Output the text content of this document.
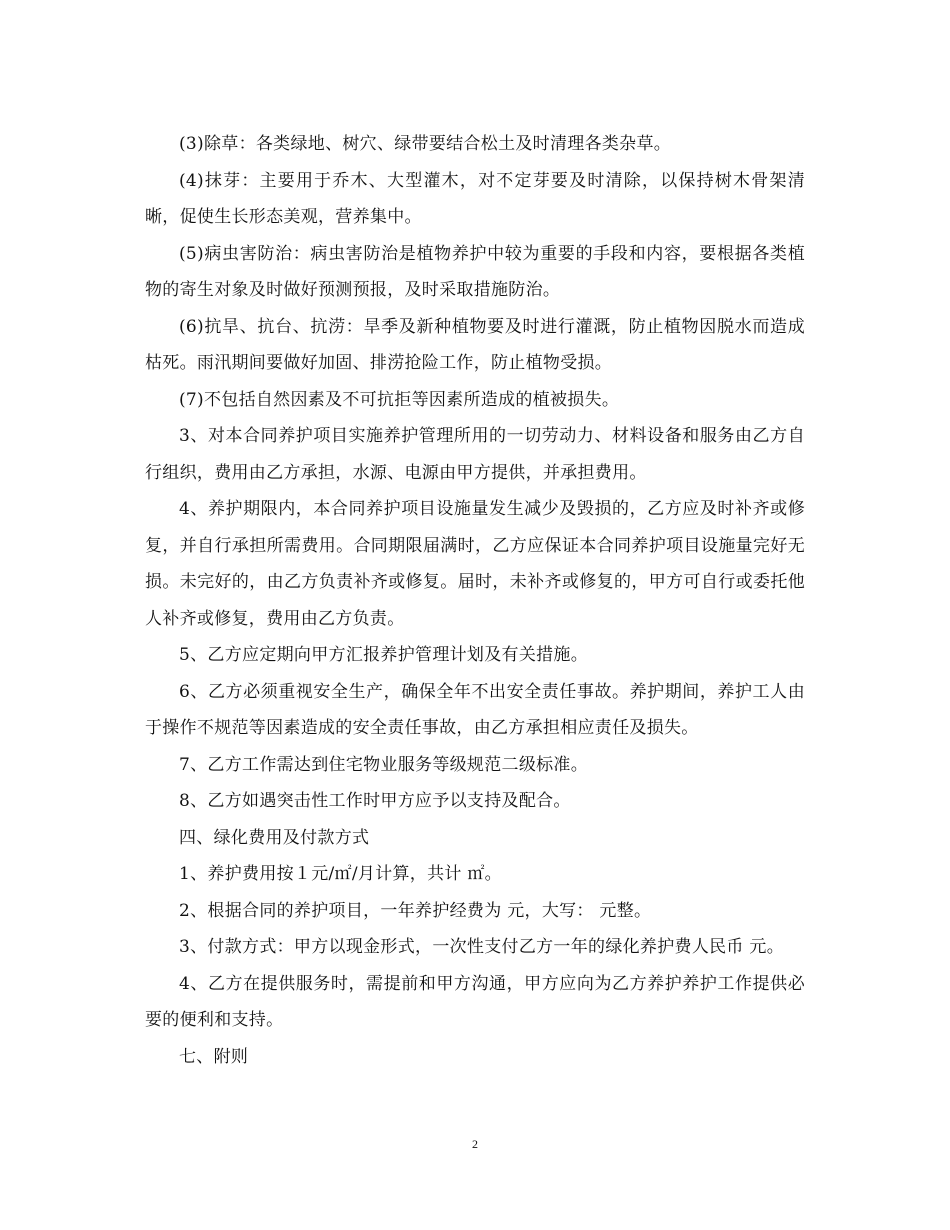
(3)除草：各类绿地、树穴、绿带要结合松土及时清理各类杂草。

(4)抹芽：主要用于乔木、大型灌木，对不定芽要及时清除，以保持树木骨架清晰，促使生长形态美观，营养集中。

(5)病虫害防治：病虫害防治是植物养护中较为重要的手段和内容，要根据各类植物的寄生对象及时做好预测预报，及时采取措施防治。

(6)抗旱、抗台、抗涝：旱季及新种植物要及时进行灌溉，防止植物因脱水而造成枯死。雨汛期间要做好加固、排涝抢险工作，防止植物受损。

(7)不包括自然因素及不可抗拒等因素所造成的植被损失。

3、对本合同养护项目实施养护管理所用的一切劳动力、材料设备和服务由乙方自行组织，费用由乙方承担，水源、电源由甲方提供，并承担费用。

4、养护期限内，本合同养护项目设施量发生减少及毁损的，乙方应及时补齐或修复，并自行承担所需费用。合同期限届满时，乙方应保证本合同养护项目设施量完好无损。未完好的，由乙方负责补齐或修复。届时，未补齐或修复的，甲方可自行或委托他人补齐或修复，费用由乙方负责。

5、乙方应定期向甲方汇报养护管理计划及有关措施。

6、乙方必须重视安全生产，确保全年不出安全责任事故。养护期间，养护工人由于操作不规范等因素造成的安全责任事故，由乙方承担相应责任及损失。

7、乙方工作需达到住宅物业服务等级规范二级标准。

8、乙方如遇突击性工作时甲方应予以支持及配合。

四、绿化费用及付款方式

1、养护费用按１元/㎡/月计算，共计 ㎡。

2、根据合同的养护项目，一年养护经费为 元，大写： 元整。

3、付款方式：甲方以现金形式，一次性支付乙方一年的绿化养护费人民币 元。

4、乙方在提供服务时，需提前和甲方沟通，甲方应向为乙方养护养护工作提供必要的便利和支持。

七、附则

2
